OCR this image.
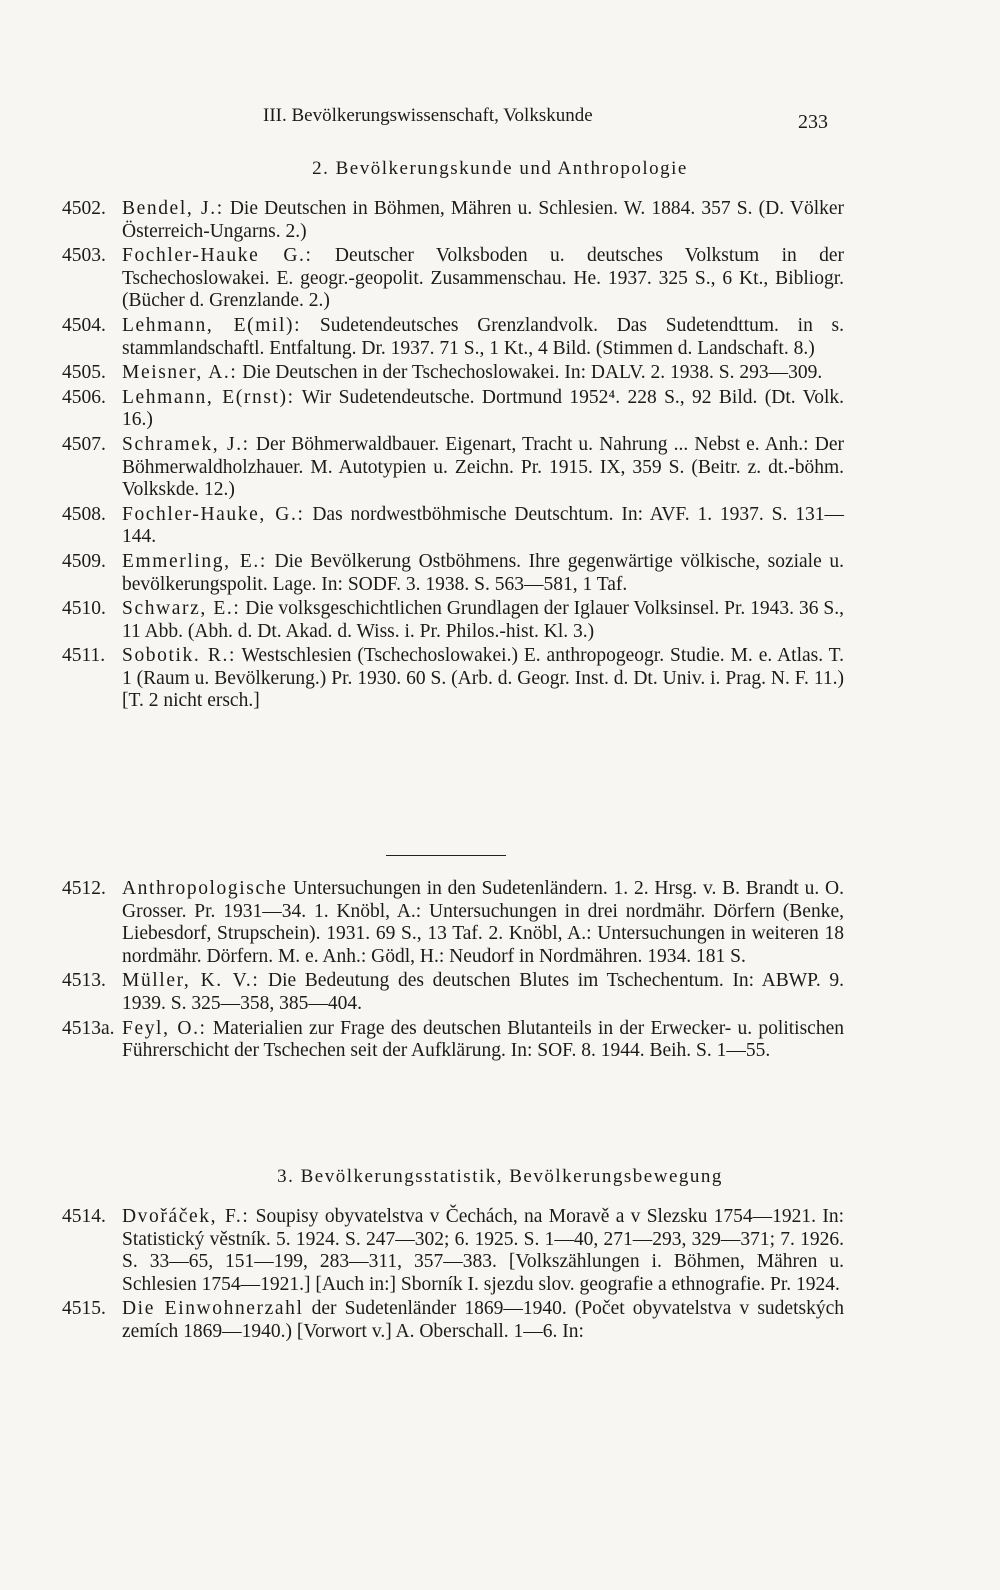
III. Bevölkerungswissenschaft, Volkskunde	233
2. Bevölkerungskunde und Anthropologie
4502. Bendel, J.: Die Deutschen in Böhmen, Mähren u. Schlesien. W. 1884. 357 S. (D. Völker Österreich-Ungarns. 2.)
4503. Fochler-Hauke G.: Deutscher Volksboden u. deutsches Volkstum in der Tschechoslowakei. E. geogr.-geopolit. Zusammenschau. He. 1937. 325 S., 6 Kt., Bibliogr. (Bücher d. Grenzlande. 2.)
4504. Lehmann, E(mil): Sudetendeutsches Grenzlandvolk. Das Sudetendttum. in s. stammlandschaftl. Entfaltung. Dr. 1937. 71 S., 1 Kt., 4 Bild. (Stimmen d. Landschaft. 8.)
4505. Meisner, A.: Die Deutschen in der Tschechoslowakei. In: DALV. 2. 1938. S. 293—309.
4506. Lehmann, E(rnst): Wir Sudetendeutsche. Dortmund 1952⁴. 228 S., 92 Bild. (Dt. Volk. 16.)
4507. Schramek, J.: Der Böhmerwaldbauer. Eigenart, Tracht u. Nahrung ... Nebst e. Anh.: Der Böhmerwaldholzhauer. M. Autotypien u. Zeichn. Pr. 1915. IX, 359 S. (Beitr. z. dt.-böhm. Volkskde. 12.)
4508. Fochler-Hauke, G.: Das nordwestböhmische Deutschtum. In: AVF. 1. 1937. S. 131—144.
4509. Emmerling, E.: Die Bevölkerung Ostböhmens. Ihre gegenwärtige völkische, soziale u. bevölkerungspolit. Lage. In: SODF. 3. 1938. S. 563—581, 1 Taf.
4510. Schwarz, E.: Die volksgeschichtlichen Grundlagen der Iglauer Volksinsel. Pr. 1943. 36 S., 11 Abb. (Abh. d. Dt. Akad. d. Wiss. i. Pr. Philos.-hist. Kl. 3.)
4511. Sobotik. R.: Westschlesien (Tschechoslowakei.) E. anthropogeogr. Studie. M. e. Atlas. T. 1 (Raum u. Bevölkerung.) Pr. 1930. 60 S. (Arb. d. Geogr. Inst. d. Dt. Univ. i. Prag. N. F. 11.) [T. 2 nicht ersch.]
4512. Anthropologische Untersuchungen in den Sudetenländern. 1. 2. Hrsg. v. B. Brandt u. O. Grosser. Pr. 1931—34. 1. Knöbl, A.: Untersuchungen in drei nordmähr. Dörfern (Benke, Liebesdorf, Strupschein). 1931. 69 S., 13 Taf. 2. Knöbl, A.: Untersuchungen in weiteren 18 nordmähr. Dörfern. M. e. Anh.: Gödl, H.: Neudorf in Nordmähren. 1934. 181 S.
4513. Müller, K. V.: Die Bedeutung des deutschen Blutes im Tschechentum. In: ABWP. 9. 1939. S. 325—358, 385—404.
4513a. Feyl, O.: Materialien zur Frage des deutschen Blutanteils in der Erwecker- u. politischen Führerschicht der Tschechen seit der Aufklärung. In: SOF. 8. 1944. Beih. S. 1—55.
3. Bevölkerungsstatistik, Bevölkerungsbewegung
4514. Dvořáček, F.: Soupisy obyvatelstva v Čechách, na Moravě a v Slezsku 1754—1921. In: Statistický věstník. 5. 1924. S. 247—302; 6. 1925. S. 1—40, 271—293, 329—371; 7. 1926. S. 33—65, 151—199, 283—311, 357—383. [Volkszählungen i. Böhmen, Mähren u. Schlesien 1754—1921.] [Auch in:] Sborník I. sjezdu slov. geografie a ethnografie. Pr. 1924.
4515. Die Einwohnerzahl der Sudetenländer 1869—1940. (Počet obyvatelstva v sudetských zemích 1869—1940.) [Vorwort v.] A. Oberschall. 1—6. In:
